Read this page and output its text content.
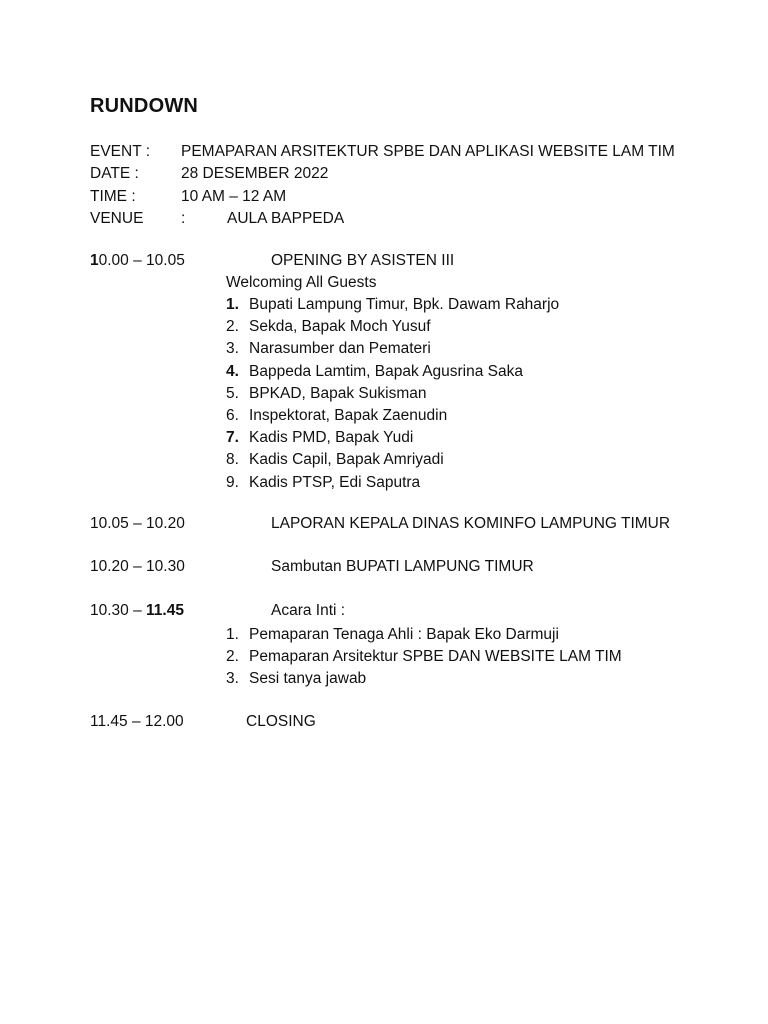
RUNDOWN
EVENT : PEMAPARAN ARSITEKTUR SPBE DAN APLIKASI WEBSITE LAM TIM
DATE :	28 DESEMBER 2022
TIME :	10 AM – 12 AM
VENUE :	AULA BAPPEDA
10.00 – 10.05	OPENING BY ASISTEN III
Welcoming All Guests
1. Bupati Lampung Timur, Bpk. Dawam Raharjo
2. Sekda, Bapak Moch Yusuf
3. Narasumber dan Pemateri
4. Bappeda Lamtim, Bapak Agusrina Saka
5. BPKAD, Bapak Sukisman
6. Inspektorat, Bapak Zaenudin
7. Kadis PMD, Bapak Yudi
8. Kadis Capil, Bapak Amriyadi
9. Kadis PTSP, Edi Saputra
10.05 – 10.20	LAPORAN KEPALA DINAS KOMINFO LAMPUNG TIMUR
10.20 – 10.30	Sambutan BUPATI LAMPUNG TIMUR
10.30 – 11.45	Acara Inti :
1. Pemaparan Tenaga Ahli : Bapak Eko Darmuji
2. Pemaparan Arsitektur SPBE DAN WEBSITE LAM TIM
3. Sesi tanya jawab
11.45 – 12.00	CLOSING
